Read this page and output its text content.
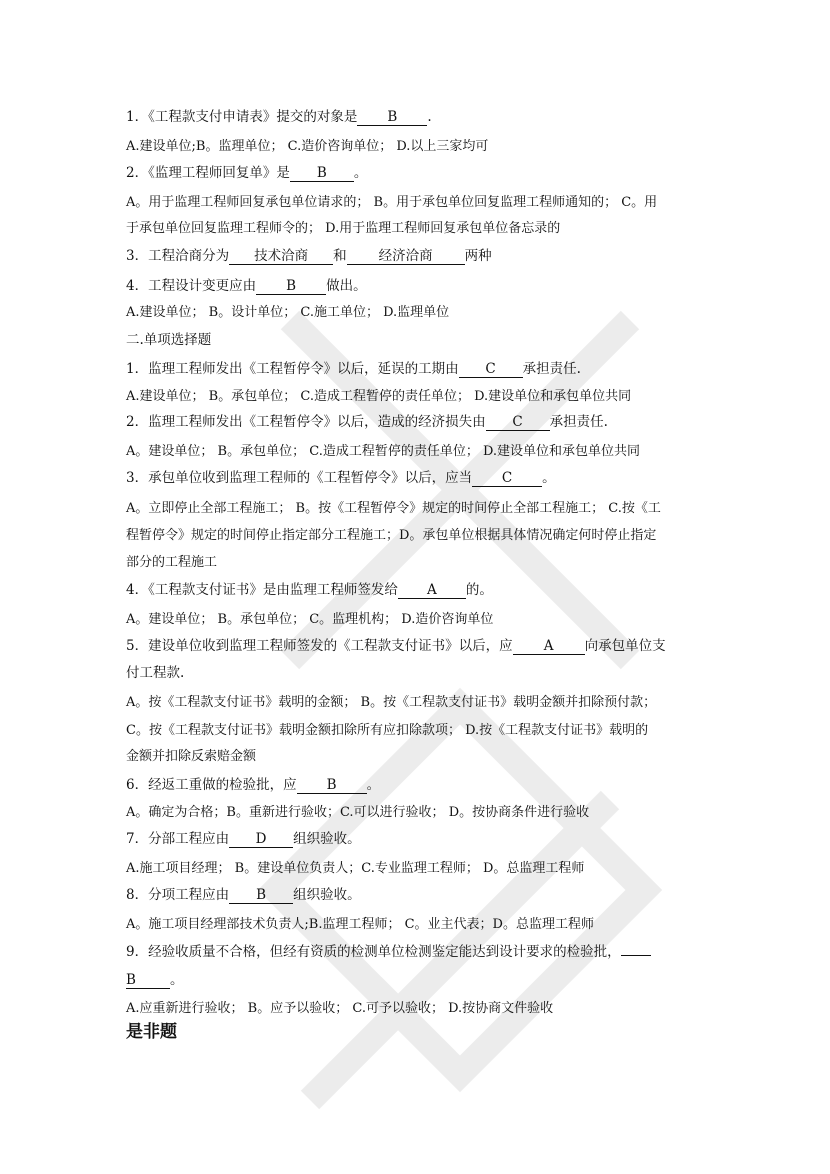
1．《工程款支付申请表》提交的对象是 B .
A.建设单位;B。监理单位； C.造价咨询单位； D.以上三家均可
2．《监理工程师回复单》是 B 。
A。用于监理工程师回复承包单位请求的； B。用于承包单位回复监理工程师通知的； C。用
于承包单位回复监理工程师令的； D.用于监理工程师回复承包单位备忘录的
3．工程洽商分为 技术洽商 和 经济洽商 两种
4．工程设计变更应由 B 做出。
A.建设单位； B。设计单位； C.施工单位； D.监理单位
二.单项选择题
1．监理工程师发出《工程暂停令》以后，延误的工期由 C 承担责任.
A.建设单位； B。承包单位； C.造成工程暂停的责任单位； D.建设单位和承包单位共同
2．监理工程师发出《工程暂停令》以后，造成的经济损失由 C 承担责任.
A。建设单位； B。承包单位； C.造成工程暂停的责任单位； D.建设单位和承包单位共同
3．承包单位收到监理工程师的《工程暂停令》以后，应当 C 。
A。立即停止全部工程施工； B。按《工程暂停令》规定的时间停止全部工程施工； C.按《工
程暂停令》规定的时间停止指定部分工程施工；D。承包单位根据具体情况确定何时停止指定
部分的工程施工
4．《工程款支付证书》是由监理工程师签发给 A 的。
A。建设单位； B。承包单位； C。监理机构； D.造价咨询单位
5．建设单位收到监理工程师签发的《工程款支付证书》以后，应 A 向承包单位支
付工程款.
A。按《工程款支付证书》载明的金额； B。按《工程款支付证书》载明金额并扣除预付款；
C。按《工程款支付证书》载明金额扣除所有应扣除款项； D.按《工程款支付证书》载明的
金额并扣除反索赔金额
6．经返工重做的检验批，应 B 。
A。确定为合格；B。重新进行验收；C.可以进行验收； D。按协商条件进行验收
7．分部工程应由 D 组织验收。
A.施工项目经理； B。建设单位负责人；C.专业监理工程师； D。总监理工程师
8．分项工程应由 B 组织验收。
A。施工项目经理部技术负责人;B.监理工程师； C。业主代表；D。总监理工程师
9．经验收质量不合格，但经有资质的检测单位检测鉴定能达到设计要求的检验批，
B	。
A.应重新进行验收； B。应予以验收； C.可予以验收； D.按协商文件验收
是非题
